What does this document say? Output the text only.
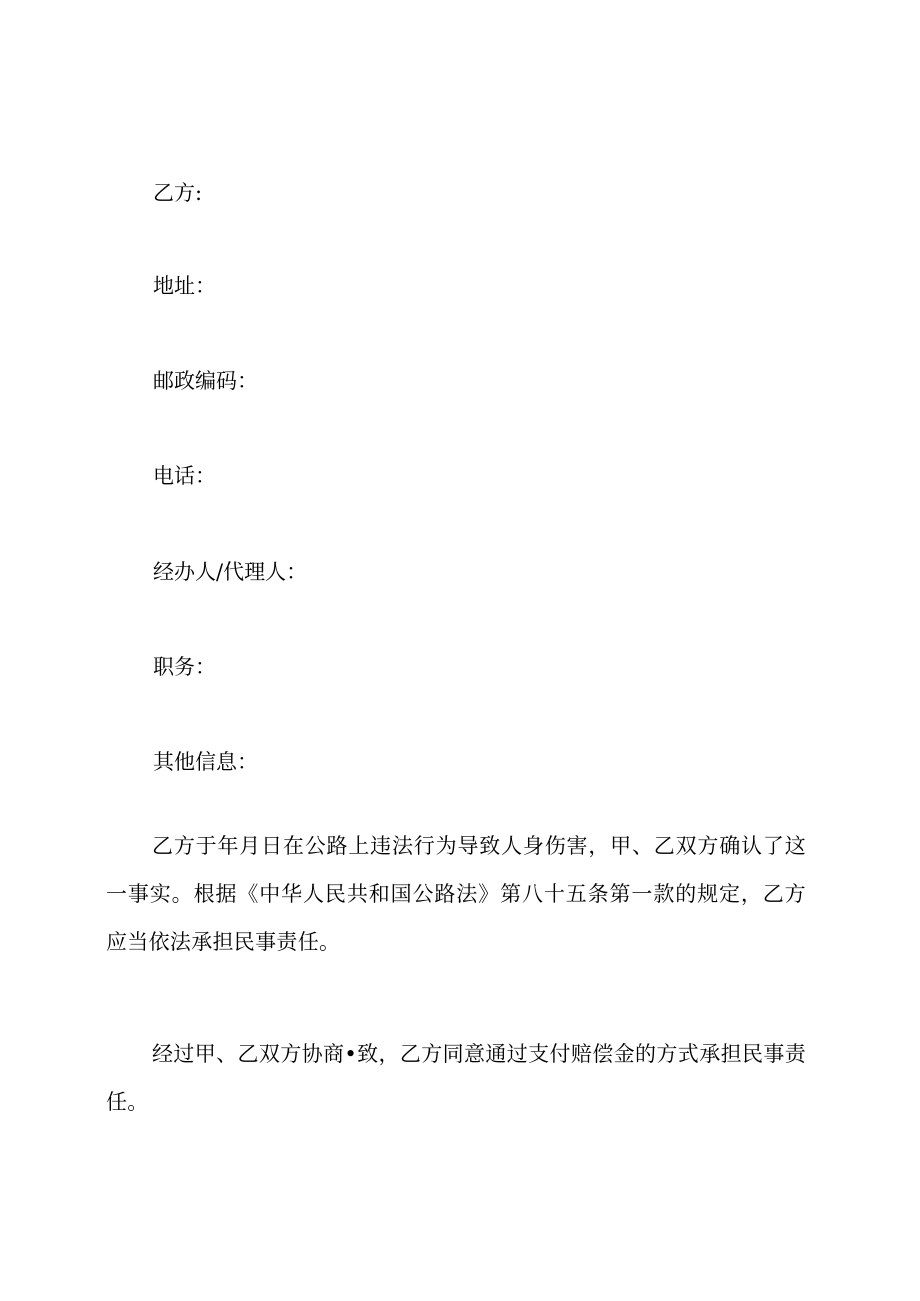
乙方:
地址：
邮政编码：
电话：
经办人/代理人：
职务：
其他信息：

乙方于年月日在公路上违法行为导致人身伤害，甲、乙双方确认了这一事实。根据《中华人民共和国公路法》第八十五条第一款的规定，乙方应当依法承担民事责任。

经过甲、乙双方协商•致，乙方同意通过支付赔偿金的方式承担民事责任。
